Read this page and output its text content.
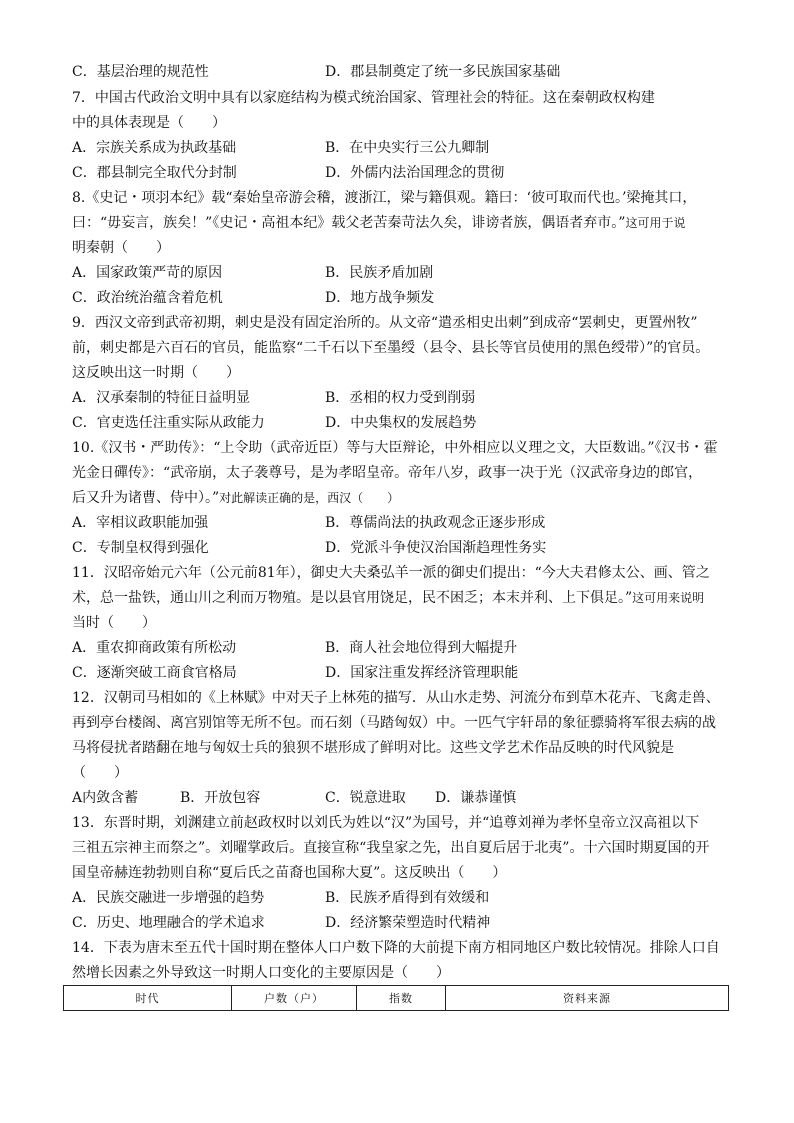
C．基层治理的规范性	D．郡县制奠定了统一多民族国家基础
7．中国古代政治文明中具有以家庭结构为模式统治国家、管理社会的特征。这在秦朝政权构建
中的具体表现是（　　）
A．宗族关系成为执政基础	B．在中央实行三公九卿制
C．郡县制完全取代分封制	D．外儒内法治国理念的贯彻
8.《史记・项羽本纪》载“秦始皇帝游会稽，渡浙江，梁与籍俱观。籍曰：‘彼可取而代也。’梁掩其口，
曰：“毋妄言，族矣！”《史记・高祖本纪》载父老苦秦苛法久矣，诽谤者族，偶语者弃市。”这可用于说
明秦朝（　　）
A．国家政策严苛的原因	B．民族矛盾加剧
C．政治统治蕴含着危机	D．地方战争频发
9．西汉文帝到武帝初期，刺史是没有固定治所的。从文帝“遣丞相史出刺”到成帝“罢刺史，更置州牧”
前，刺史都是六百石的官员，能监察“二千石以下至墨绶（县令、县长等官员使用的黑色绶带）”的官员。
这反映出这一时期（　　）
A．汉承秦制的特征日益明显	B．丞相的权力受到削弱
C．官吏选任注重实际从政能力	D．中央集权的发展趋势
10.《汉书・严助传》：“上令助（武帝近臣）等与大臣辩论，中外相应以义理之文，大臣数诎。”《汉书・霍
光金日磾传》：“武帝崩，太子袭尊号，是为孝昭皇帝。帝年八岁，政事一决于光（汉武帝身边的郎官，
后又升为诸曹、侍中）。”对此解读正确的是，西汉（　　）
A．宰相议政职能加强	B．尊儒尚法的执政观念正逐步形成
C．专制皇权得到强化	D．党派斗争使汉治国渐趋理性务实
11．汉昭帝始元六年（公元前81年），御史大夫桑弘羊一派的御史们提出：“今大夫君修太公、画、管之
术，总一盐铁，通山川之利而万物殖。是以县官用饶足，民不困乏；本末并利、上下俱足。”这可用来说明
当时（　　）
A．重农抑商政策有所松动	B．商人社会地位得到大幅提升
C．逐渐突破工商食官格局	D．国家注重发挥经济管理职能
12．汉朝司马相如的《上林赋》中对天子上林苑的描写．从山水走势、河流分布到草木花卉、飞禽走兽、
再到亭台楼阁、离宫别馆等无所不包。而石刻（马踏匈奴）中。一匹气宇轩昂的象征骠骑将军很去病的战
马将侵扰者踏翻在地与匈奴士兵的狼狈不堪形成了鲜明对比。这些文学艺术作品反映的时代风貌是
（　　）
A内敛含蓄	B．开放包容	C．锐意进取 D．谦恭谨慎
13．东晋时期，刘渊建立前赵政权时以刘氏为姓以“汉”为国号，并“追尊刘禅为孝怀皇帝立汉高祖以下
三祖五宗神主而祭之”。刘曜掌政后。直接宣称“我皇家之先，出自夏后居于北夷”。十六国时期夏国的开
国皇帝赫连勃勃则自称“夏后氏之苗裔也国称大夏”。这反映出（　　）
A．民族交融进一步增强的趋势	B．民族矛盾得到有效缓和
C．历史、地理融合的学术追求	D．经济繁荣塑造时代精神
14．下表为唐末至五代十国时期在整体人口户数下降的大前提下南方相同地区户数比较情况。排除人口自
然增长因素之外导致这一时期人口变化的主要原因是（　　）
时代	户数（户）	指数	资料来源
